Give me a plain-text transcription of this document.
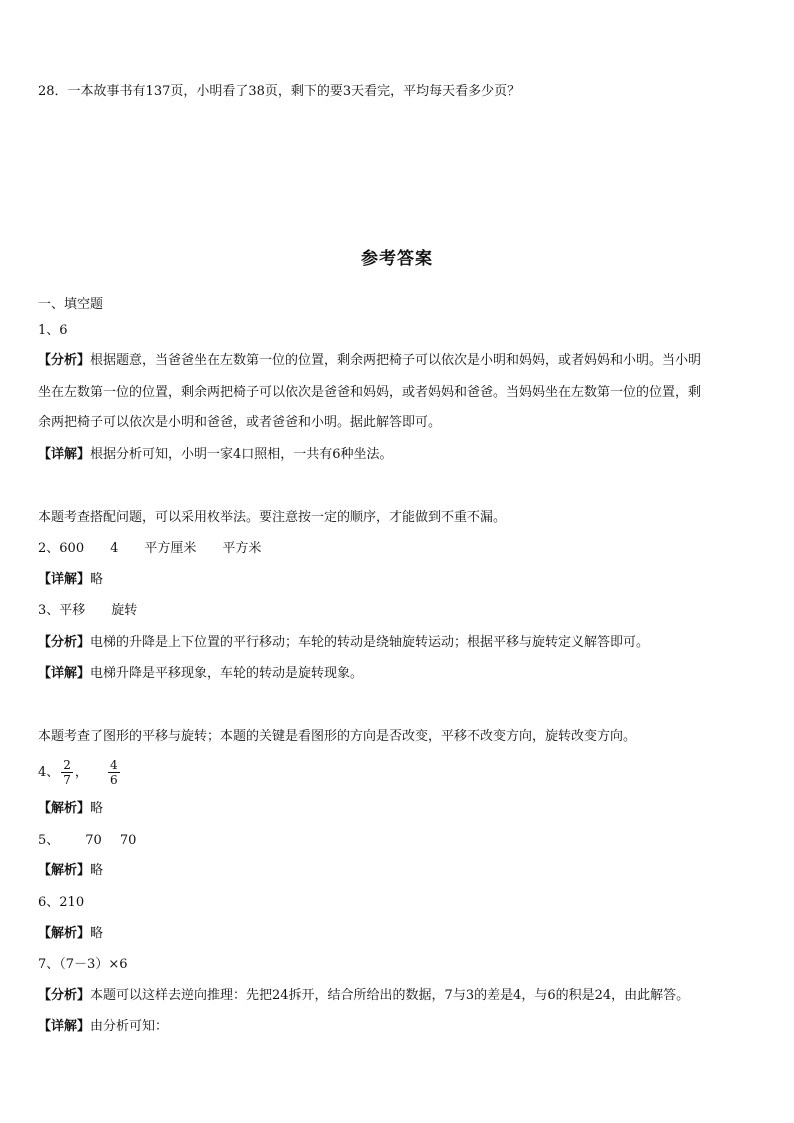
28．一本故事书有137页，小明看了38页，剩下的要3天看完，平均每天看多少页？
参考答案
一、填空题
1、6
【分析】根据题意，当爸爸坐在左数第一位的位置，剩余两把椅子可以依次是小明和妈妈，或者妈妈和小明。当小明
坐在左数第一位的位置，剩余两把椅子可以依次是爸爸和妈妈，或者妈妈和爸爸。当妈妈坐在左数第一位的位置，剩
余两把椅子可以依次是小明和爸爸，或者爸爸和小明。据此解答即可。
【详解】根据分析可知，小明一家4口照相，一共有6种坐法。
本题考查搭配问题，可以采用枚举法。要注意按一定的顺序，才能做到不重不漏。
2、600 4 平方厘米 平方米
【详解】略
3、平移 旋转
【分析】电梯的升降是上下位置的平行移动；车轮的转动是绕轴旋转运动；根据平移与旋转定义解答即可。
【详解】电梯升降是平移现象，车轮的转动是旋转现象。
本题考查了图形的平移与旋转；本题的关键是看图形的方向是否改变，平移不改变方向，旋转改变方向。
4、 $\frac{2}{7}$ ， $\frac{4}{6}$
【解析】略
5、 70 70
【解析】略
6、210
【解析】略
7、（7－3）×6
【分析】本题可以这样去逆向推理：先把24拆开，结合所给出的数据，7与3的差是4，与6的积是24，由此解答。
【详解】由分析可知：
